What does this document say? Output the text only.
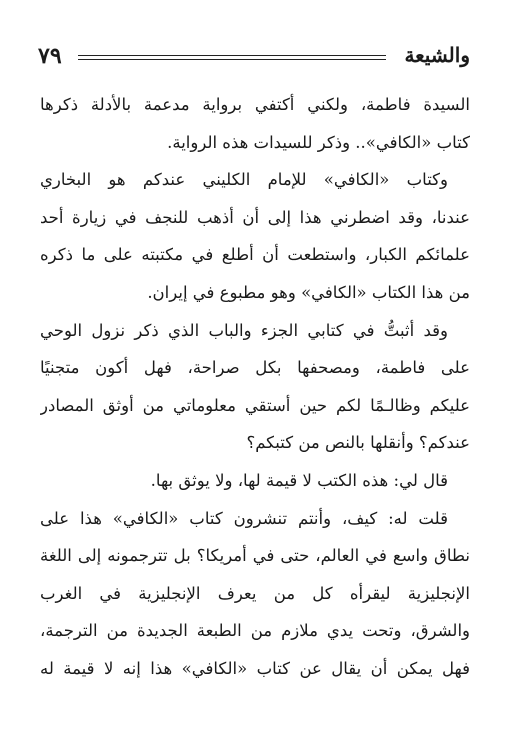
٧٩	والشيعة
السيدة فاطمة، ولكني أكتفي برواية مدعمة بالأدلة ذكرها
كتاب «الكافي».. وذكر للسيدات هذه الرواية.
وكتاب «الكافي» للإمام الكليني عندكم هو البخاري
عندنا، وقد اضطرني هذا إلى أن أذهب للنجف في زيارة أحد
علمائكم الكبار، واستطعت أن أطلع في مكتبته على ما ذكره
من هذا الكتاب «الكافي» وهو مطبوع في إيران.
وقد أثبتُّ في كتابي الجزء والباب الذي ذكر نزول الوحي
على فاطمة، ومصحفها بكل صراحة، فهل أكون متجنيًا
عليكم وظالـمًا لكم حين أستقي معلوماتي من أوثق المصادر
عندكم؟ وأنقلها بالنص من كتبكم؟
قال لي: هذه الكتب لا قيمة لها، ولا يوثق بها.
قلت له: كيف، وأنتم تنشرون كتاب «الكافي» هذا على
نطاق واسع في العالم، حتى في أمريكا؟ بل تترجمونه إلى اللغة
الإنجليزية ليقرأه كل من يعرف الإنجليزية في الغرب
والشرق، وتحت يدي ملازم من الطبعة الجديدة من الترجمة،
فهل يمكن أن يقال عن كتاب «الكافي» هذا إنه لا قيمة له
